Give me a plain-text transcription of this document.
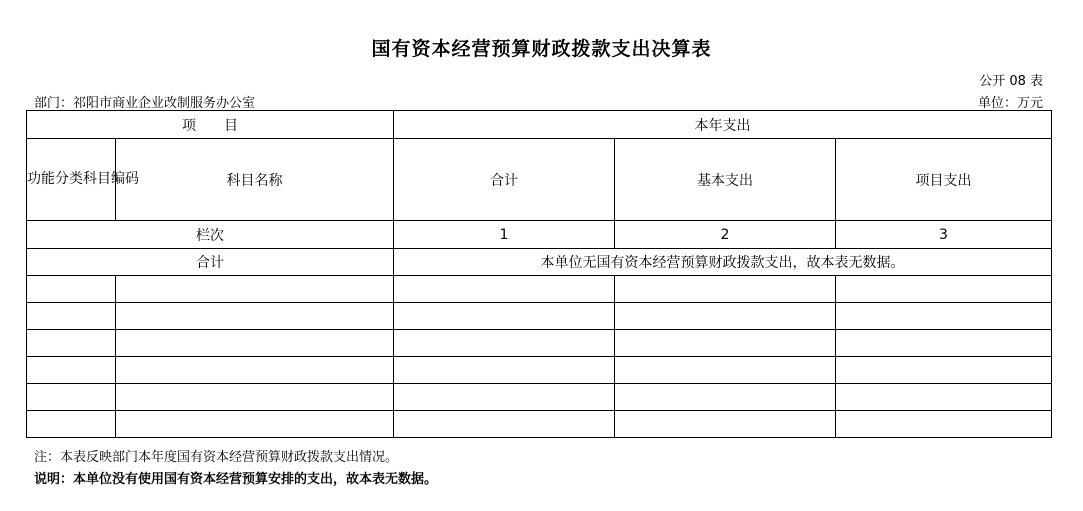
国有资本经营预算财政拨款支出决算表
公开 08 表
部门：祁阳市商业企业改制服务办公室	单位：万元
项　　目		本年支出		
功能分类科目编码	科目名称	合计	基本支出	项目支出
栏次		1	2	3
合计		本单位无国有资本经营预算财政拨款支出，故本表无数据。		

注：本表反映部门本年度国有资本经营预算财政拨款支出情况。
说明：本单位没有使用国有资本经营预算安排的支出，故本表无数据。
